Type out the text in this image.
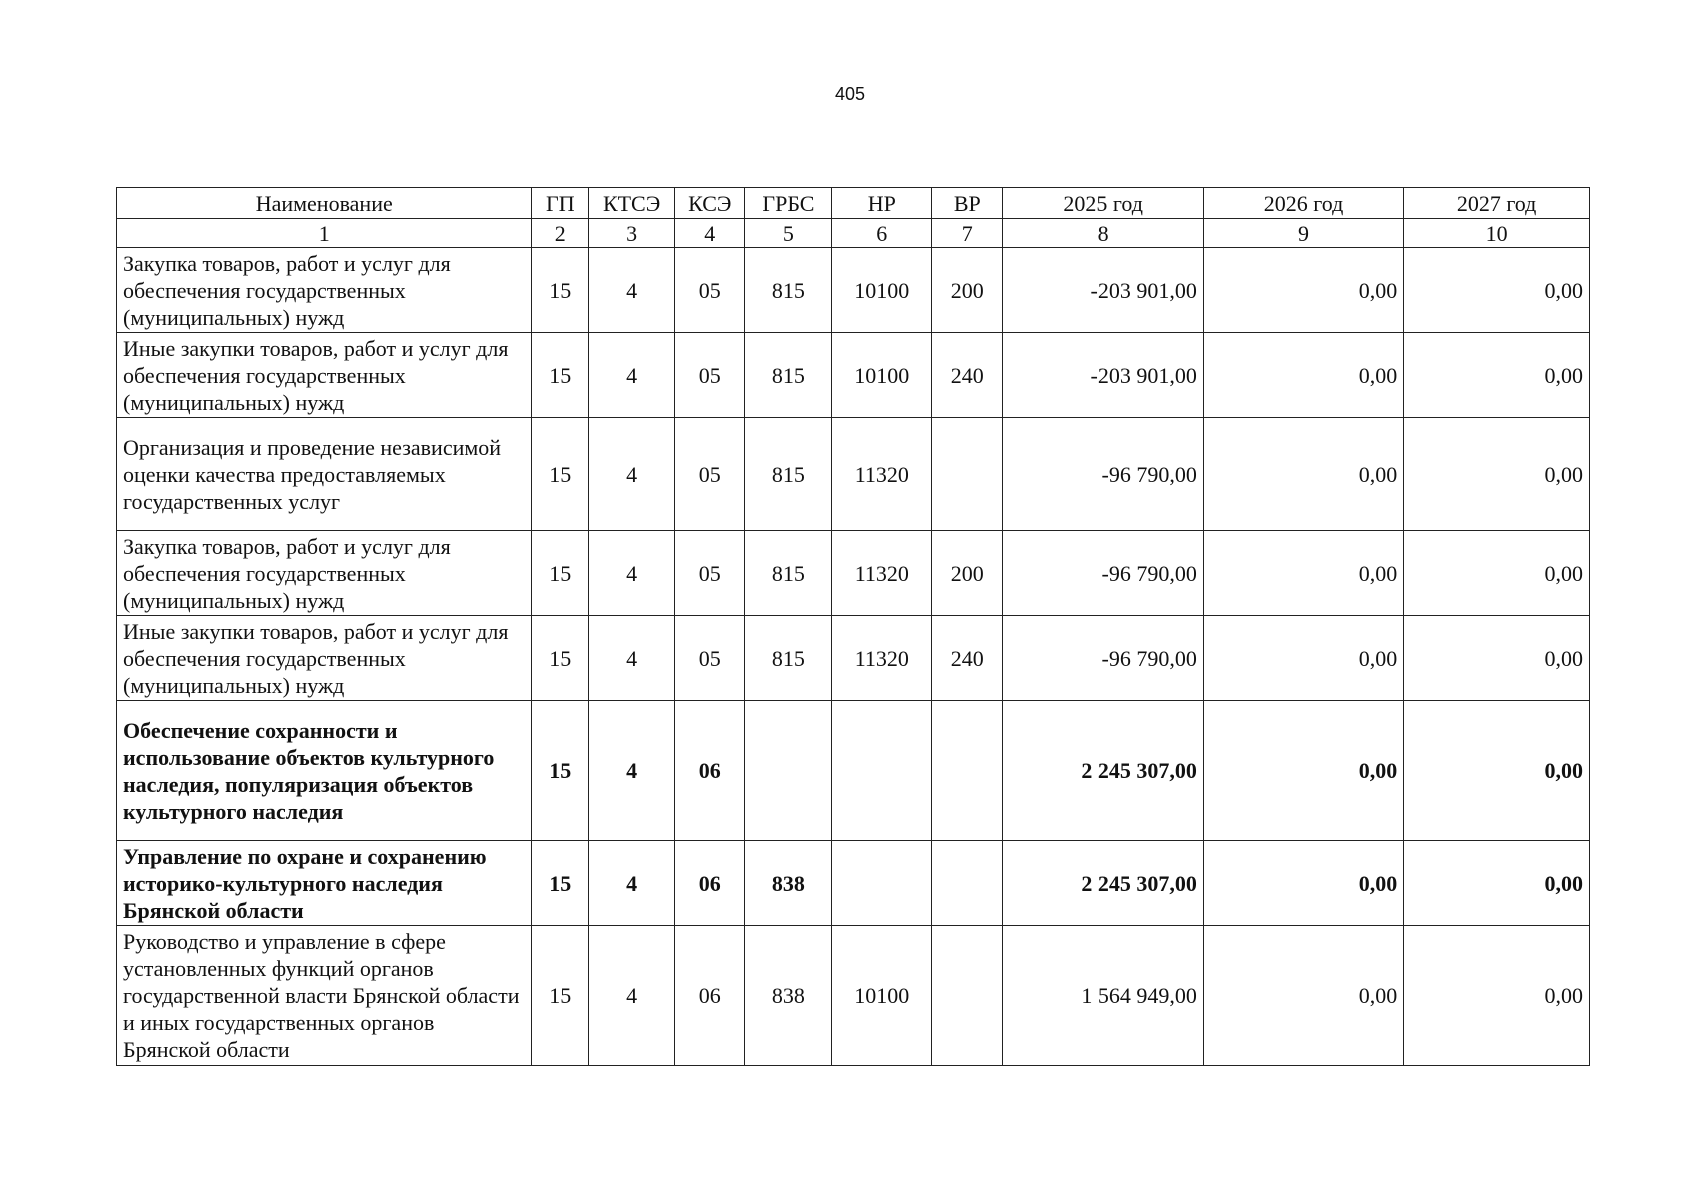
405
Наименование	ГП	КТСЭ	КСЭ	ГРБС	НР	ВР	2025 год	2026 год	2027 год
1	2	3	4	5	6	7	8	9	10
Закупка товаров, работ и услуг для обеспечения государственных (муниципальных) нужд	15	4	05	815	10100	200	-203 901,00	0,00	0,00
Иные закупки товаров, работ и услуг для обеспечения государственных (муниципальных) нужд	15	4	05	815	10100	240	-203 901,00	0,00	0,00
Организация и проведение независимой оценки качества предоставляемых государственных услуг	15	4	05	815	11320		-96 790,00	0,00	0,00
Закупка товаров, работ и услуг для обеспечения государственных (муниципальных) нужд	15	4	05	815	11320	200	-96 790,00	0,00	0,00
Иные закупки товаров, работ и услуг для обеспечения государственных (муниципальных) нужд	15	4	05	815	11320	240	-96 790,00	0,00	0,00
Обеспечение сохранности и использование объектов культурного наследия, популяризация объектов культурного наследия	15	4	06				2 245 307,00	0,00	0,00
Управление по охране и сохранению историко-культурного наследия Брянской области	15	4	06	838			2 245 307,00	0,00	0,00
Руководство и управление в сфере установленных функций органов государственной власти Брянской области и иных государственных органов Брянской области	15	4	06	838	10100		1 564 949,00	0,00	0,00
